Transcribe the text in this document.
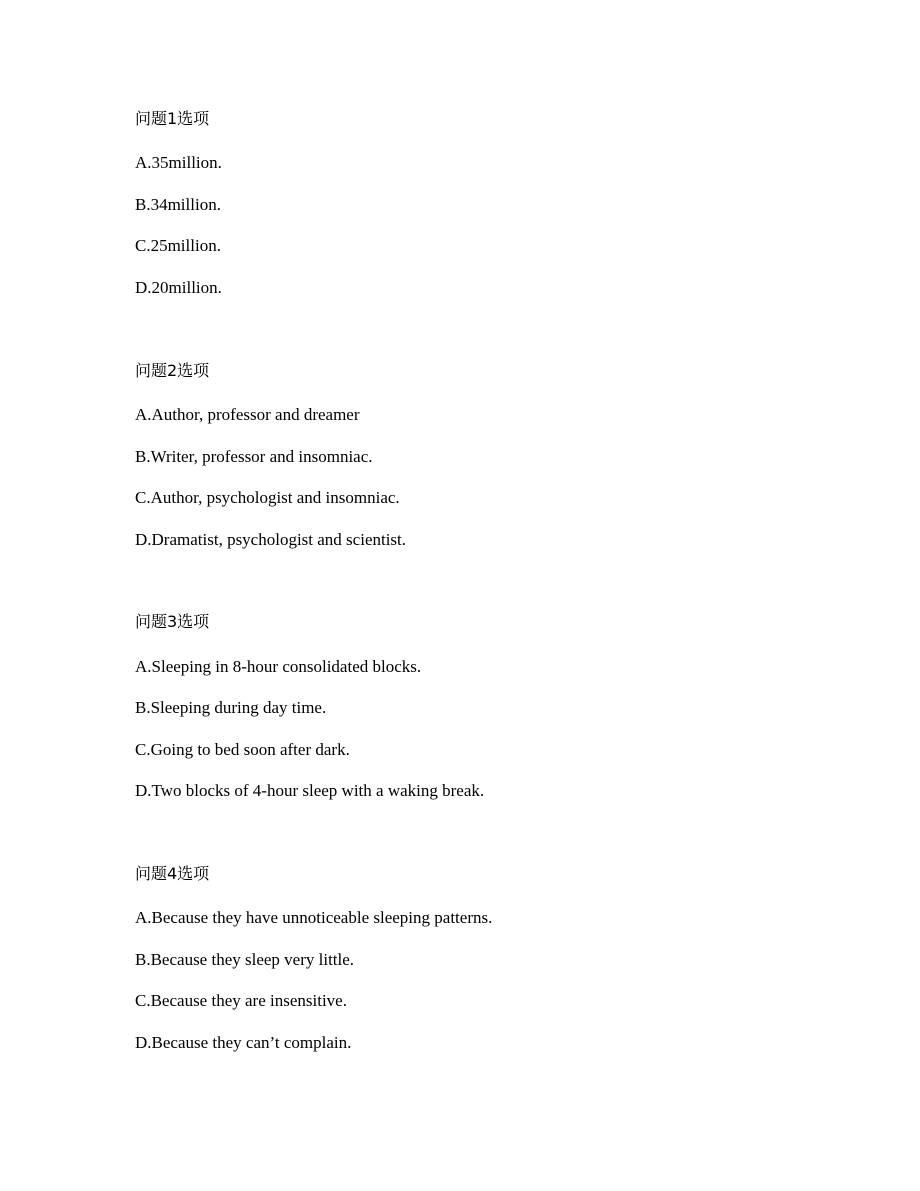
问题1选项
A.35million.
B.34million.
C.25million.
D.20million.
问题2选项
A.Author, professor and dreamer
B.Writer, professor and insomniac.
C.Author, psychologist and insomniac.
D.Dramatist, psychologist and scientist.
问题3选项
A.Sleeping in 8-hour consolidated blocks.
B.Sleeping during day time.
C.Going to bed soon after dark.
D.Two blocks of 4-hour sleep with a waking break.
问题4选项
A.Because they have unnoticeable sleeping patterns.
B.Because they sleep very little.
C.Because they are insensitive.
D.Because they can’t complain.
